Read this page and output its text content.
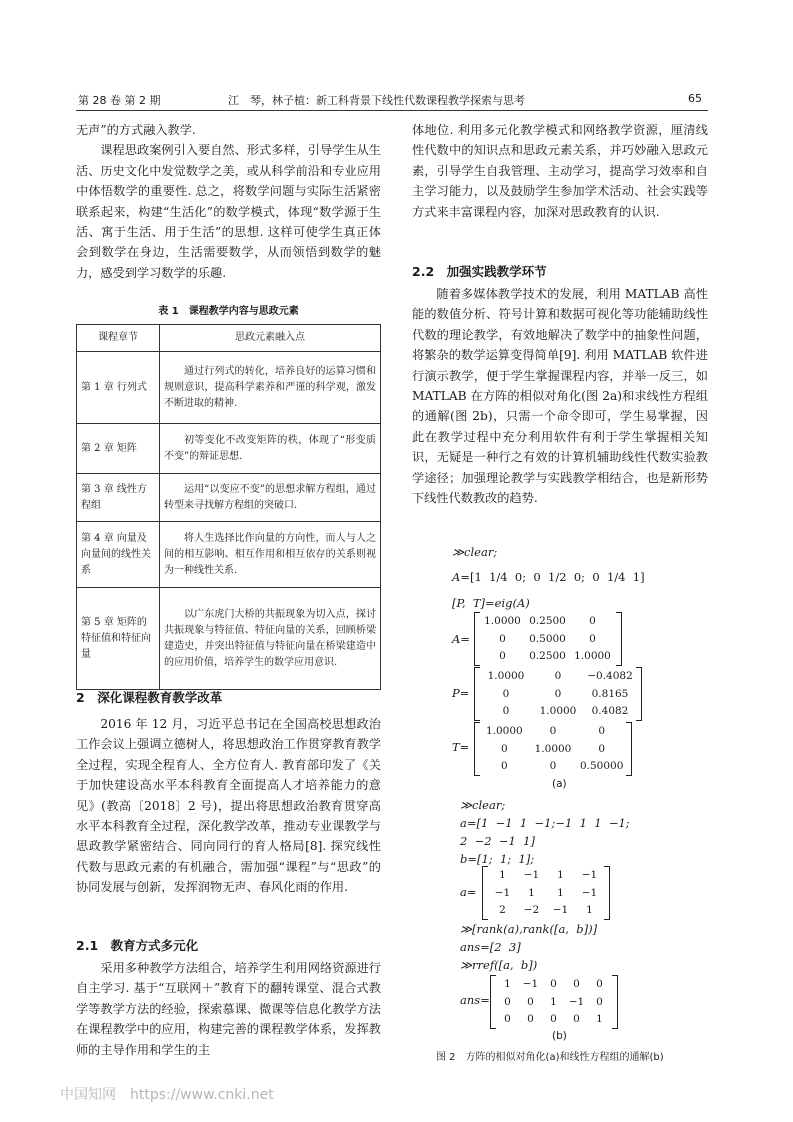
第 28 卷 第 2 期	江　琴，林子植：新工科背景下线性代数课程教学探索与思考	65

无声”的方式融入教学.

课程思政案例引入要自然、形式多样，引导学生从生活、历史文化中发觉数学之美，或从科学前沿和专业应用中体悟数学的重要性. 总之，将数学问题与实际生活紧密联系起来，构建“生活化”的数学模式，体现“数学源于生活、寓于生活、用于生活”的思想. 这样可使学生真正体会到数学在身边，生活需要数学，从而领悟到数学的魅力，感受到学习数学的乐趣.

表 1　课程教学内容与思政元素
课程章节	思政元素融入点
第 1 章 行列式	通过行列式的转化，培养良好的运算习惯和规则意识，提高科学素养和严谨的科学观，激发不断进取的精神.
第 2 章 矩阵	初等变化不改变矩阵的秩，体现了“形变质不变”的辩证思想.
第 3 章 线性方程组	运用“以变应不变”的思想求解方程组，通过转型来寻找解方程组的突破口.
第 4 章 向量及向量间的线性关系	将人生选择比作向量的方向性，而人与人之间的相互影响、相互作用和相互依存的关系则视为一种线性关系.
第 5 章 矩阵的特征值和特征向量	以广东虎门大桥的共振现象为切入点，探讨共振现象与特征值、特征向量的关系，回顾桥梁建造史，并突出特征值与特征向量在桥梁建造中的应用价值，培养学生的数学应用意识.
2　深化课程教育教学改革

2016 年 12 月，习近平总书记在全国高校思想政治工作会议上强调立德树人，将思想政治工作贯穿教育教学全过程，实现全程育人、全方位育人. 教育部印发了《关于加快建设高水平本科教育全面提高人才培养能力的意见》(教高〔2018〕2 号)，提出将思想政治教育贯穿高水平本科教育全过程，深化教学改革，推动专业课教学与思政教学紧密结合、同向同行的育人格局[8]. 探究线性代数与思政元素的有机融合，需加强“课程”与“思政”的协同发展与创新，发挥润物无声、春风化雨的作用.

2.1　教育方式多元化

采用多种教学方法组合，培养学生利用网络资源进行自主学习. 基于“互联网＋”教育下的翻转课堂、混合式教学等教学方法的经验，探索慕课、微课等信息化教学方法在课程教学中的应用，构建完善的课程教学体系，发挥教师的主导作用和学生的主

体地位. 利用多元化教学模式和网络教学资源，厘清线性代数中的知识点和思政元素关系，并巧妙融入思政元素，引导学生自我管理、主动学习，提高学习效率和自主学习能力，以及鼓励学生参加学术活动、社会实践等方式来丰富课程内容，加深对思政教育的认识.

2.2　加强实践教学环节

随着多媒体教学技术的发展，利用 MATLAB 高性能的数值分析、符号计算和数据可视化等功能辅助线性代数的理论教学，有效地解决了数学中的抽象性问题，将繁杂的数学运算变得简单[9]. 利用 MATLAB 软件进行演示教学，便于学生掌握课程内容，并举一反三，如 MATLAB 在方阵的相似对角化(图 2a)和求线性方程组的通解(图 2b)，只需一个命令即可，学生易掌握，因此在教学过程中充分利用软件有利于学生掌握相关知识，无疑是一种行之有效的计算机辅助线性代数实验教学途径；加强理论教学与实践教学相结合，也是新形势下线性代数教改的趋势.

≫clear;
A=[1  1/4  0;  0  1/2  0;  0  1/4  1]
[P,  T]=eig(A)
A=
1.0000 0.2500	0
0	0.5000	0
0	0.2500 1.0000
P=
1.0000	0	−0.4082
0	0	0.8165
0	1.0000	0.4082
T=
1.0000	0	0
0	1.0000	0
0	0	0.50000
(a)
≫clear;
a=[1  −1  1  −1;−1  1  1  −1;
2  −2  −1  1]
b=[1;  1;  1];
a=
1	−1	1	−1
−1	1	1	−1
2	−2	−1	1
≫[rank(a),rank([a,  b])]
ans=[2  3]
≫rref([a,  b])
ans=
1	−1	0	0	0
0	0	1	−1	0
0	0	0	0	1
(b)
图 2　方阵的相似对角化(a)和线性方程组的通解(b)
中国知网　https://www.cnki.net
